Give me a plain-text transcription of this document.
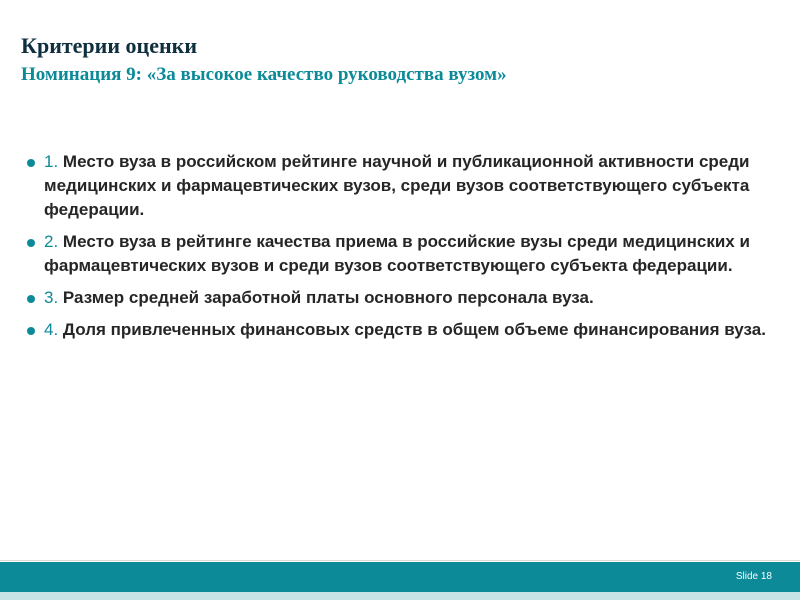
Критерии оценки
Номинация 9: «За высокое качество руководства вузом»
1. Место вуза в российском рейтинге научной и публикационной активности среди медицинских и фармацевтических вузов, среди вузов соответствующего субъекта федерации.
2. Место вуза в рейтинге качества приема в российские вузы среди медицинских и фармацевтических вузов и среди вузов соответствующего субъекта федерации.
3. Размер средней заработной платы основного персонала вуза.
4. Доля привлеченных финансовых средств в общем объеме финансирования вуза.
Slide 18
